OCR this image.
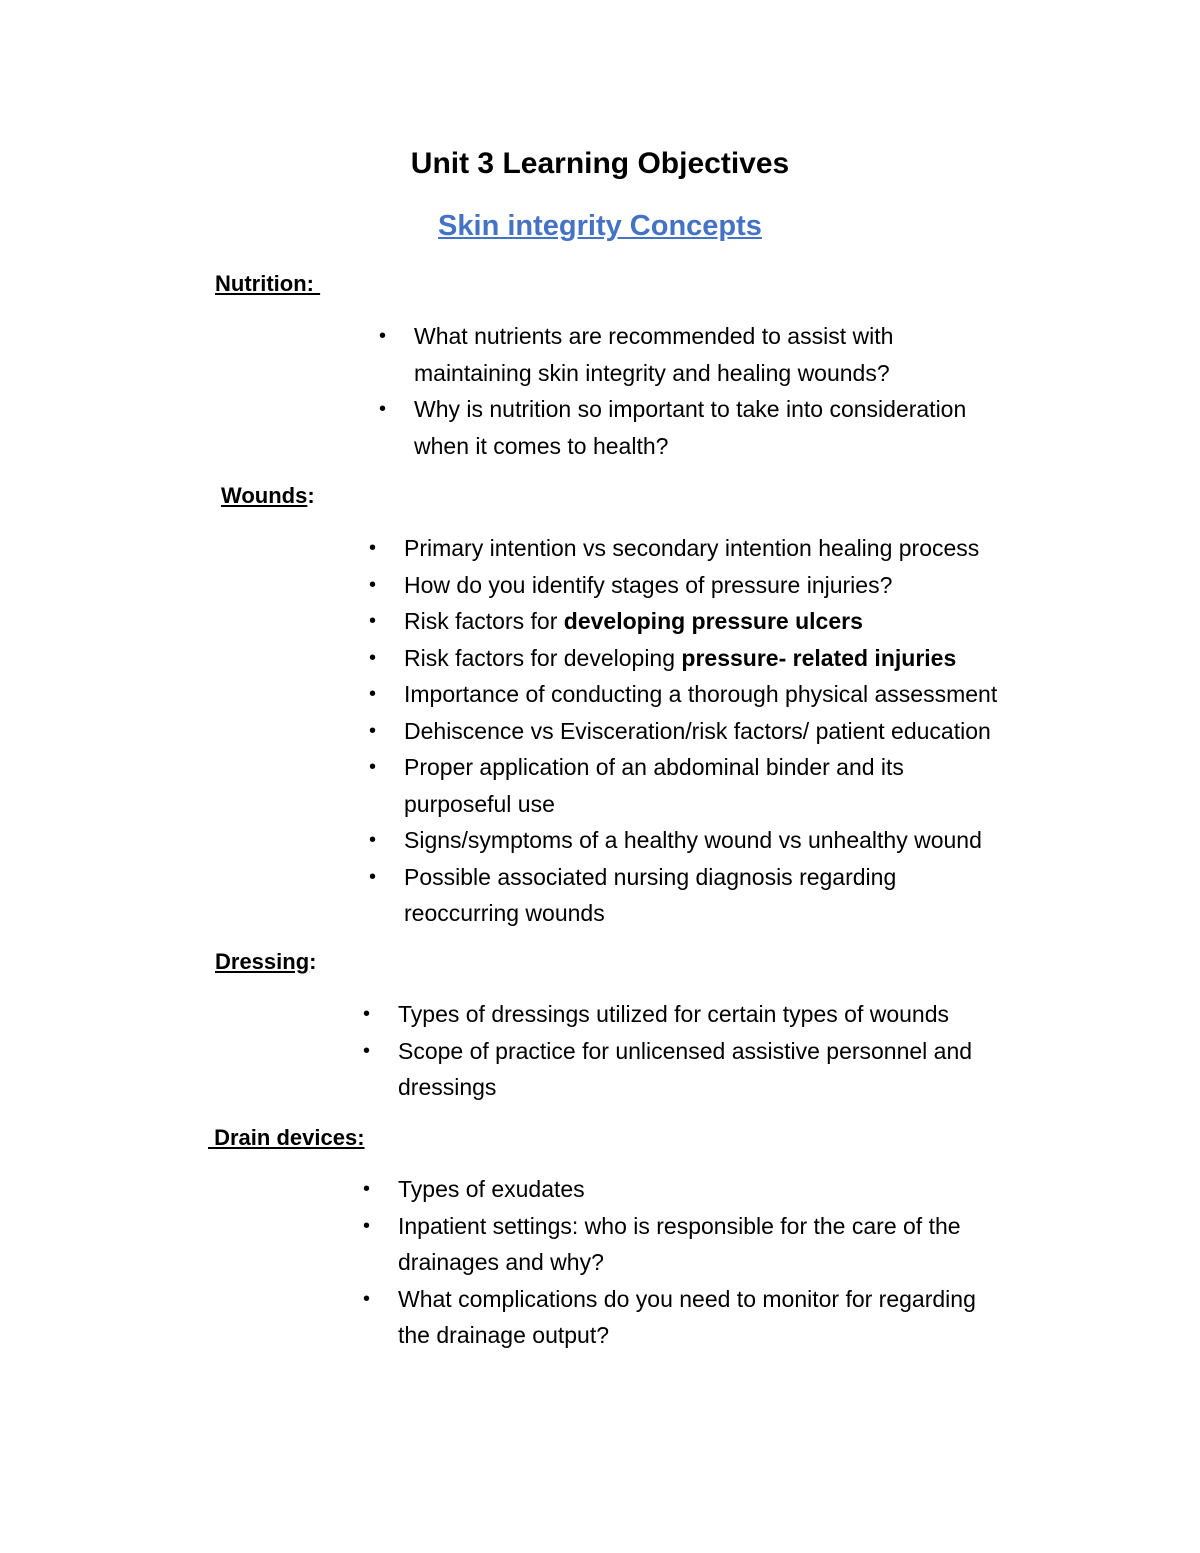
Unit 3 Learning Objectives
Skin integrity Concepts

Nutrition:

• What nutrients are recommended to assist with
maintaining skin integrity and healing wounds?
• Why is nutrition so important to take into consideration
when it comes to health?

Wounds:

• Primary intention vs secondary intention healing process
• How do you identify stages of pressure injuries?
• Risk factors for developing pressure ulcers
• Risk factors for developing pressure- related injuries
• Importance of conducting a thorough physical assessment
• Dehiscence vs Evisceration/risk factors/ patient education
• Proper application of an abdominal binder and its
purposeful use
• Signs/symptoms of a healthy wound vs unhealthy wound
• Possible associated nursing diagnosis regarding
reoccurring wounds

Dressing:

• Types of dressings utilized for certain types of wounds
• Scope of practice for unlicensed assistive personnel and
dressings

Drain devices:

• Types of exudates
• Inpatient settings: who is responsible for the care of the
drainages and why?
• What complications do you need to monitor for regarding
the drainage output?
